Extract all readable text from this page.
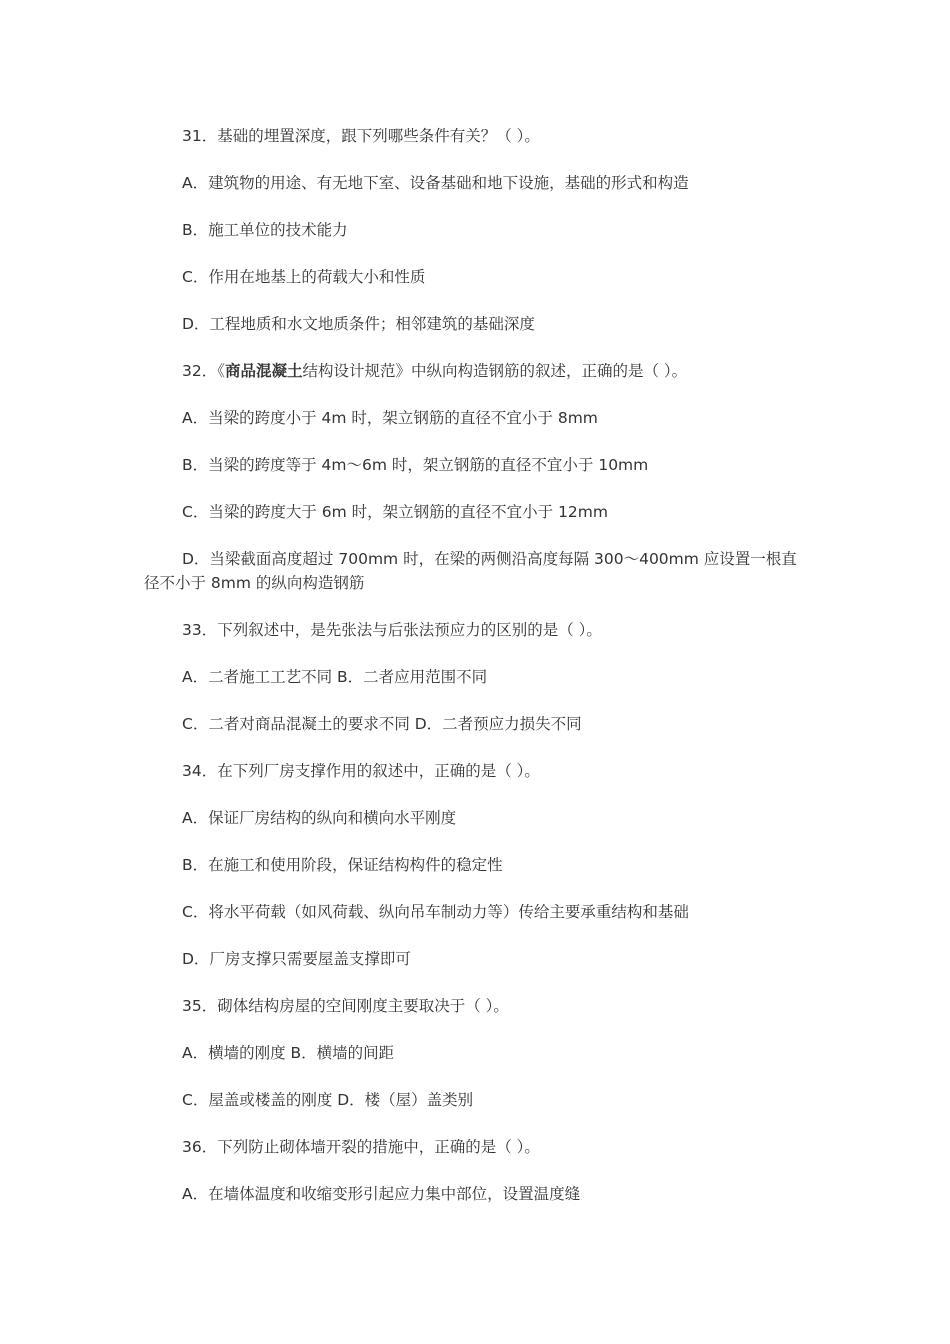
31．基础的埋置深度，跟下列哪些条件有关？（ ）。

A．建筑物的用途、有无地下室、设备基础和地下设施，基础的形式和构造

B．施工单位的技术能力

C．作用在地基上的荷载大小和性质

D．工程地质和水文地质条件；相邻建筑的基础深度

32．《商品混凝土结构设计规范》中纵向构造钢筋的叙述，正确的是（ ）。

A．当梁的跨度小于 4m 时，架立钢筋的直径不宜小于 8mm

B．当梁的跨度等于 4m～6m 时，架立钢筋的直径不宜小于 10mm

C．当梁的跨度大于 6m 时，架立钢筋的直径不宜小于 12mm

D．当梁截面高度超过 700mm 时，在梁的两侧沿高度每隔 300～400mm 应设置一根直径不小于 8mm 的纵向构造钢筋

33．下列叙述中，是先张法与后张法预应力的区别的是（ ）。

A．二者施工工艺不同 B．二者应用范围不同

C．二者对商品混凝土的要求不同 D．二者预应力损失不同

34．在下列厂房支撑作用的叙述中，正确的是（ ）。

A．保证厂房结构的纵向和横向水平刚度

B．在施工和使用阶段，保证结构构件的稳定性

C．将水平荷载（如风荷载、纵向吊车制动力等）传给主要承重结构和基础

D．厂房支撑只需要屋盖支撑即可

35．砌体结构房屋的空间刚度主要取决于（ ）。

A．横墙的刚度 B．横墙的间距

C．屋盖或楼盖的刚度 D．楼（屋）盖类别

36．下列防止砌体墙开裂的措施中，正确的是（ ）。

A．在墙体温度和收缩变形引起应力集中部位，设置温度缝
